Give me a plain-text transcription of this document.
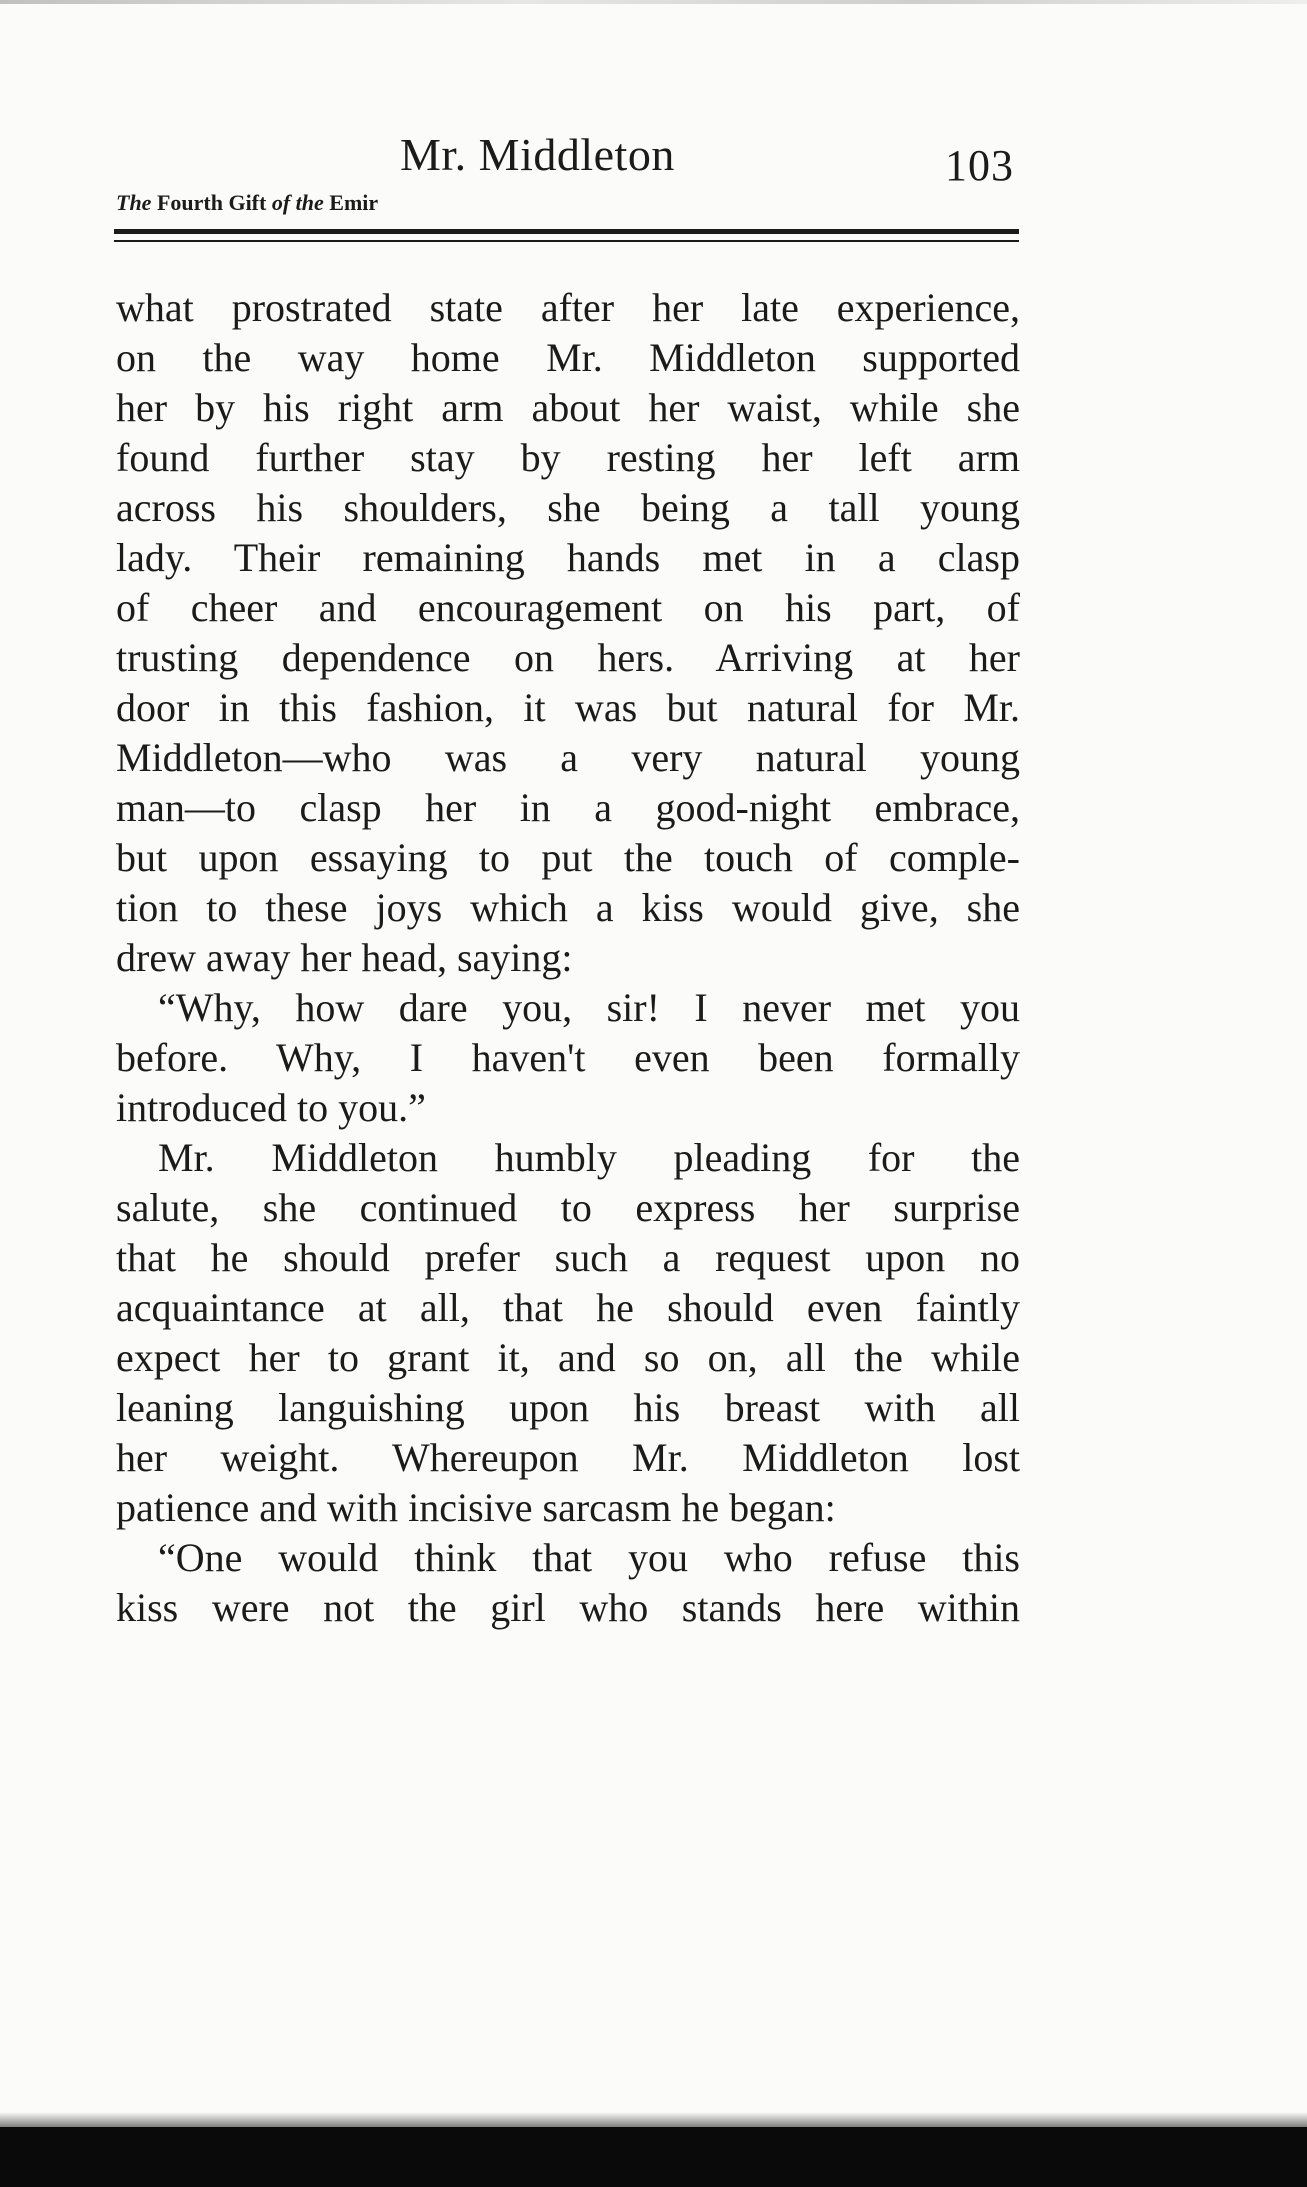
Mr. Middleton	103
The Fourth Gift of the Emir
what prostrated state after her late experience,
on the way home Mr. Middleton supported
her by his right arm about her waist, while she
found further stay by resting her left arm
across his shoulders, she being a tall young
lady. Their remaining hands met in a clasp
of cheer and encouragement on his part, of
trusting dependence on hers. Arriving at her
door in this fashion, it was but natural for Mr.
Middleton—who was a very natural young
man—to clasp her in a good-night embrace,
but upon essaying to put the touch of comple-
tion to these joys which a kiss would give, she
drew away her head, saying:
“Why, how dare you, sir! I never met you
before. Why, I haven't even been formally
introduced to you.”
Mr. Middleton humbly pleading for the
salute, she continued to express her surprise
that he should prefer such a request upon no
acquaintance at all, that he should even faintly
expect her to grant it, and so on, all the while
leaning languishing upon his breast with all
her weight. Whereupon Mr. Middleton lost
patience and with incisive sarcasm he began:
“One would think that you who refuse this
kiss were not the girl who stands here within
